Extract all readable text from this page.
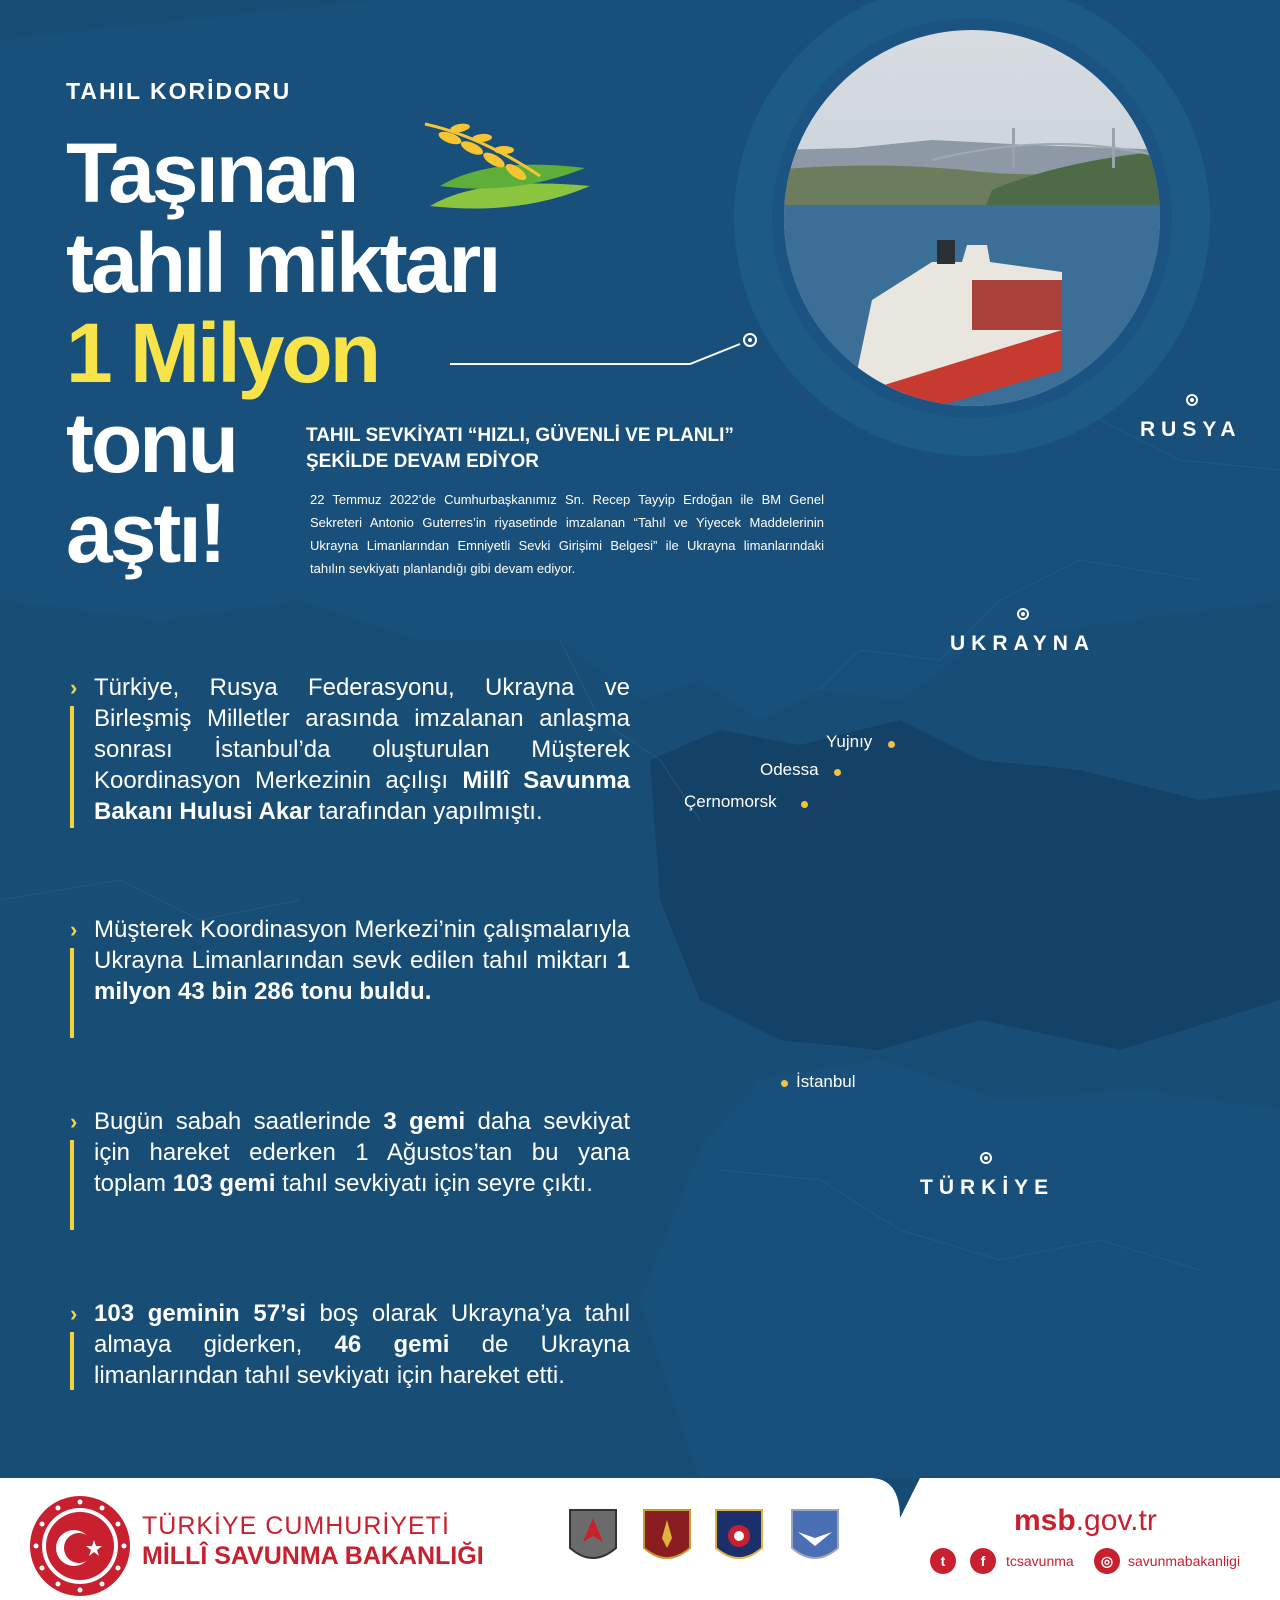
TAHIL KORİDORU
Taşınan
tahıl miktarı
1 Milyon
tonu
aştı!
TAHIL SEVKİYATI “HIZLI, GÜVENLİ VE PLANLI”
ŞEKİLDE DEVAM EDİYOR
22 Temmuz 2022’de Cumhurbaşkanımız Sn. Recep Tayyip Erdoğan ile BM Genel Sekreteri Antonio Guterres’in riyasetinde imzalanan “Tahıl ve Yiyecek Maddelerinin Ukrayna Limanlarından Emniyetli Sevki Girişimi Belgesi” ile Ukrayna limanlarındaki tahılın sevkiyatı planlandığı gibi devam ediyor.
RUSYA
UKRAYNA
TÜRKİYE
Yujnıy
Odessa
Çernomorsk
İstanbul
› Türkiye, Rusya Federasyonu, Ukrayna ve Birleşmiş Milletler arasında imzalanan anlaşma sonrası İstanbul’da oluşturulan Müşterek Koordinasyon Merkezinin açılışı Millî Savunma Bakanı Hulusi Akar tarafından yapılmıştı.
› Müşterek Koordinasyon Merkezi’nin çalışmalarıyla Ukrayna Limanlarından sevk edilen tahıl miktarı 1 milyon 43 bin 286 tonu buldu.
› Bugün sabah saatlerinde 3 gemi daha sevkiyat için hareket ederken 1 Ağustos’tan bu yana toplam 103 gemi tahıl sevkiyatı için seyre çıktı.
› 103 geminin 57’si boş olarak Ukrayna’ya tahıl almaya giderken, 46 gemi de Ukrayna limanlarından tahıl sevkiyatı için hareket etti.
TÜRKİYE CUMHURİYETİ
MİLLÎ SAVUNMA BAKANLIĞI
msb.gov.tr
t	f	tcsavunma	◎	savunmabakanligi
